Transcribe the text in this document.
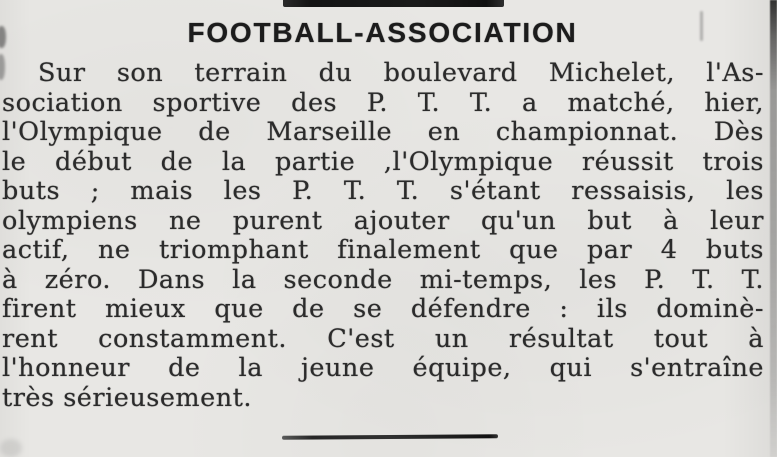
FOOTBALL-ASSOCIATION
Sur son terrain du boulevard Michelet, l'As-
sociation sportive des P. T. T. a matché, hier,
l'Olympique de Marseille en championnat. Dès
le début de la partie ,l'Olympique réussit trois
buts ; mais les P. T. T. s'étant ressaisis, les
olympiens ne purent ajouter qu'un but à leur
actif, ne triomphant finalement que par 4 buts
à zéro. Dans la seconde mi-temps, les P. T. T.
firent mieux que de se défendre : ils dominè-
rent constamment. C'est un résultat tout à
l'honneur de la jeune équipe, qui s'entraîne
très sérieusement.
